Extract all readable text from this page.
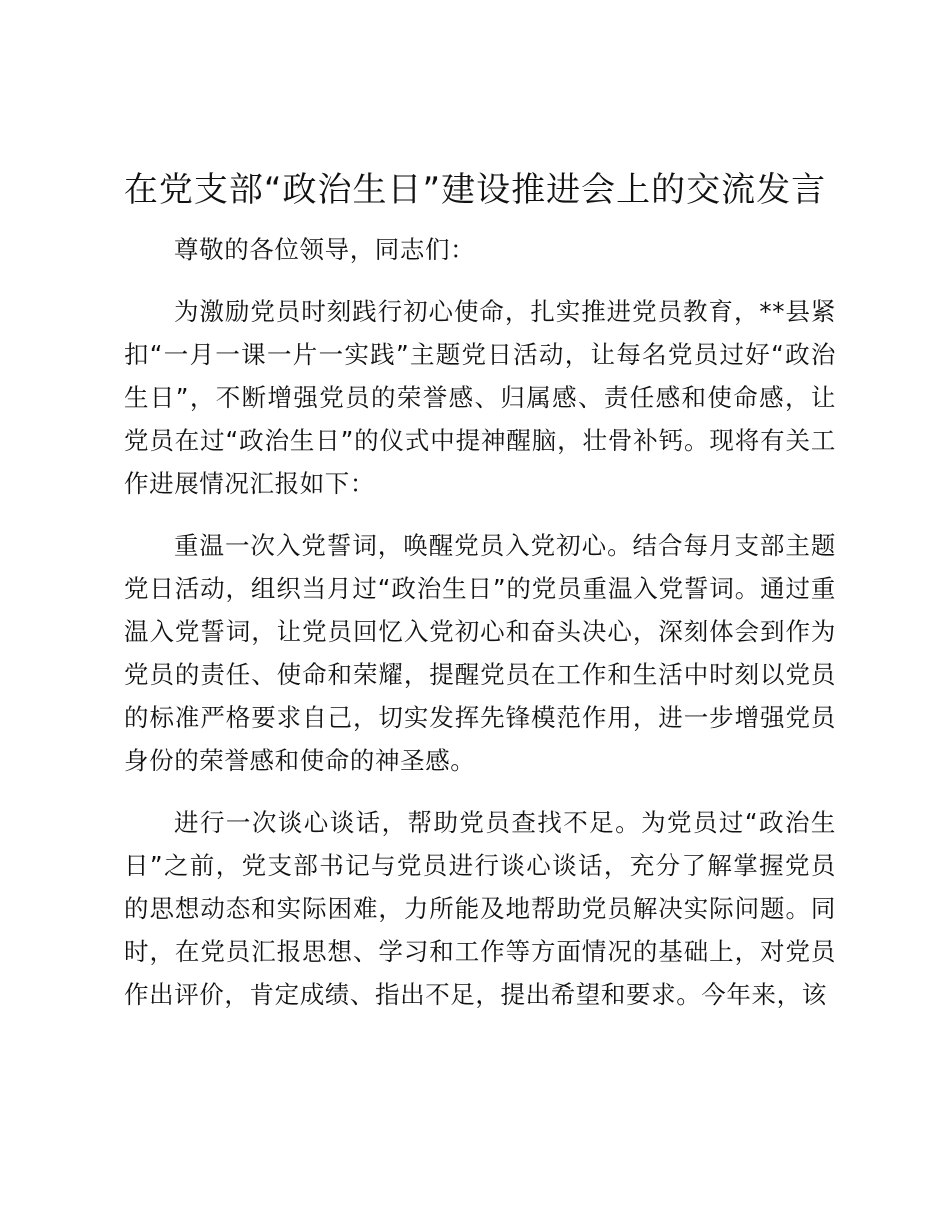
在党支部“政治生日”建设推进会上的交流发言

尊敬的各位领导，同志们：

为激励党员时刻践行初心使命，扎实推进党员教育，**县紧扣“一月一课一片一实践”主题党日活动，让每名党员过好“政治生日”，不断增强党员的荣誉感、归属感、责任感和使命感，让党员在过“政治生日”的仪式中提神醒脑，壮骨补钙。现将有关工作进展情况汇报如下：

重温一次入党誓词，唤醒党员入党初心。结合每月支部主题党日活动，组织当月过“政治生日”的党员重温入党誓词。通过重温入党誓词，让党员回忆入党初心和奋头决心，深刻体会到作为党员的责任、使命和荣耀，提醒党员在工作和生活中时刻以党员的标准严格要求自己，切实发挥先锋模范作用，进一步增强党员身份的荣誉感和使命的神圣感。

进行一次谈心谈话，帮助党员查找不足。为党员过“政治生日”之前，党支部书记与党员进行谈心谈话，充分了解掌握党员的思想动态和实际困难，力所能及地帮助党员解决实际问题。同时，在党员汇报思想、学习和工作等方面情况的基础上，对党员作出评价，肯定成绩、指出不足，提出希望和要求。今年来，该
